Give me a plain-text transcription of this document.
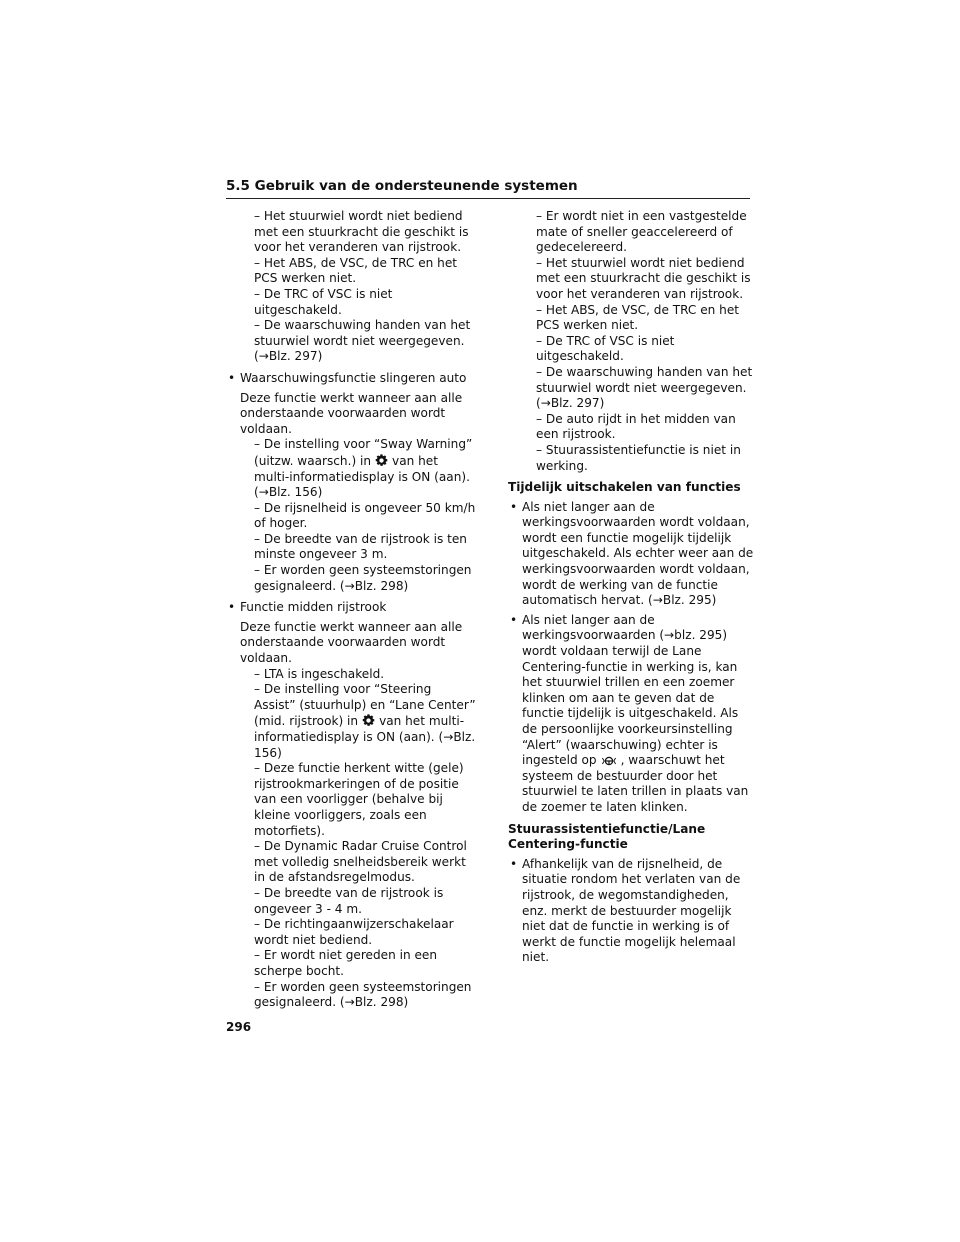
5.5 Gebruik van de ondersteunende systemen
– Het stuurwiel wordt niet bediend met een stuurkracht die geschikt is voor het veranderen van rijstrook.
– Het ABS, de VSC, de TRC en het PCS werken niet.
– De TRC of VSC is niet uitgeschakeld.
– De waarschuwing handen van het stuurwiel wordt niet weergegeven. (→Blz. 297)
• Waarschuwingsfunctie slingeren auto
Deze functie werkt wanneer aan alle onderstaande voorwaarden wordt voldaan.
– De instelling voor “Sway Warning” (uitzw. waarsch.) in van het multi-informatiedisplay is ON (aan). (→Blz. 156)
– De rijsnelheid is ongeveer 50 km/h of hoger.
– De breedte van de rijstrook is ten minste ongeveer 3 m.
– Er worden geen systeemstoringen gesignaleerd. (→Blz. 298)
• Functie midden rijstrook
Deze functie werkt wanneer aan alle onderstaande voorwaarden wordt voldaan.
– LTA is ingeschakeld.
– De instelling voor “Steering Assist” (stuurhulp) en “Lane Center” (mid. rijstrook) in van het multi-informatiedisplay is ON (aan). (→Blz. 156)
– Deze functie herkent witte (gele) rijstrookmarkeringen of de positie van een voorligger (behalve bij kleine voorliggers, zoals een motorfiets).
– De Dynamic Radar Cruise Control met volledig snelheidsbereik werkt in de afstandsregelmodus.
– De breedte van de rijstrook is ongeveer 3 - 4 m.
– De richtingaanwijzerschakelaar wordt niet bediend.
– Er wordt niet gereden in een scherpe bocht.
– Er worden geen systeemstoringen gesignaleerd. (→Blz. 298)
– Er wordt niet in een vastgestelde mate of sneller geaccelereerd of gedecelereerd.
– Het stuurwiel wordt niet bediend met een stuurkracht die geschikt is voor het veranderen van rijstrook.
– Het ABS, de VSC, de TRC en het PCS werken niet.
– De TRC of VSC is niet uitgeschakeld.
– De waarschuwing handen van het stuurwiel wordt niet weergegeven. (→Blz. 297)
– De auto rijdt in het midden van een rijstrook.
– Stuurassistentiefunctie is niet in werking.
Tijdelijk uitschakelen van functies
• Als niet langer aan de werkingsvoorwaarden wordt voldaan, wordt een functie mogelijk tijdelijk uitgeschakeld. Als echter weer aan de werkingsvoorwaarden wordt voldaan, wordt de werking van de functie automatisch hervat. (→Blz. 295)
• Als niet langer aan de werkingsvoorwaarden (→blz. 295) wordt voldaan terwijl de Lane Centering-functie in werking is, kan het stuurwiel trillen en een zoemer klinken om aan te geven dat de functie tijdelijk is uitgeschakeld. Als de persoonlijke voorkeursinstelling “Alert” (waarschuwing) echter is ingesteld op , waarschuwt het systeem de bestuurder door het stuurwiel te laten trillen in plaats van de zoemer te laten klinken.
Stuurassistentiefunctie/Lane Centering-functie
• Afhankelijk van de rijsnelheid, de situatie rondom het verlaten van de rijstrook, de wegomstandigheden, enz. merkt de bestuurder mogelijk niet dat de functie in werking is of werkt de functie mogelijk helemaal niet.
296
